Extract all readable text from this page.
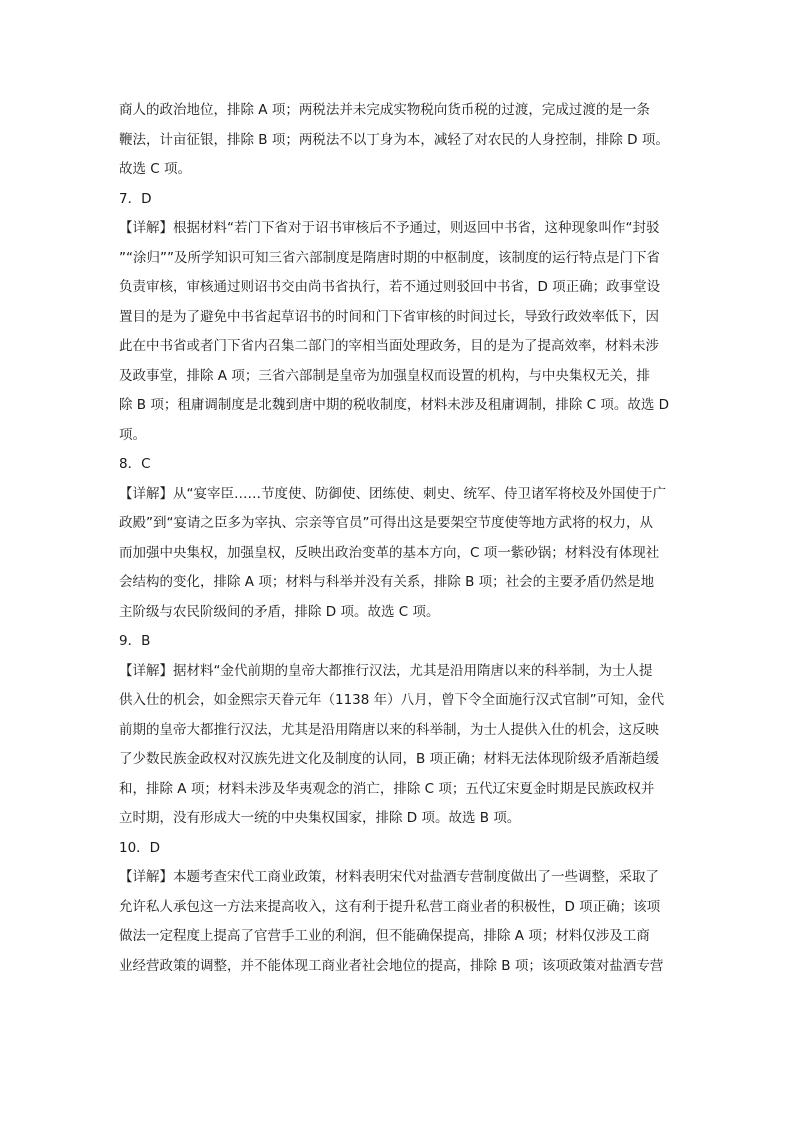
商人的政治地位，排除 A 项；两税法并未完成实物税向货币税的过渡，完成过渡的是一条
鞭法，计亩征银，排除 B 项；两税法不以丁身为本，减轻了对农民的人身控制，排除 D 项。
故选 C 项。
7．D
【详解】根据材料“若门下省对于诏书审核后不予通过，则返回中书省，这种现象叫作“封驳
”“涂归””及所学知识可知三省六部制度是隋唐时期的中枢制度，该制度的运行特点是门下省
负责审核，审核通过则诏书交由尚书省执行，若不通过则驳回中书省，D 项正确；政事堂设
置目的是为了避免中书省起草诏书的时间和门下省审核的时间过长，导致行政效率低下，因
此在中书省或者门下省内召集二部门的宰相当面处理政务，目的是为了提高效率，材料未涉
及政事堂，排除 A 项；三省六部制是皇帝为加强皇权而设置的机构，与中央集权无关，排
除 B 项；租庸调制度是北魏到唐中期的税收制度，材料未涉及租庸调制，排除 C 项。故选 D
项。
8．C
【详解】从“宴宰臣……节度使、防御使、团练使、刺史、统军、侍卫诸军将校及外国使于广
政殿”到“宴请之臣多为宰执、宗亲等官员”可得出这是要架空节度使等地方武将的权力，从
而加强中央集权，加强皇权，反映出政治变革的基本方向，C 项一紫砂锅；材料没有体现社
会结构的变化，排除 A 项；材料与科举并没有关系，排除 B 项；社会的主要矛盾仍然是地
主阶级与农民阶级间的矛盾，排除 D 项。故选 C 项。
9．B
【详解】据材料“金代前期的皇帝大都推行汉法，尤其是沿用隋唐以来的科举制，为士人提
供入仕的机会，如金熙宗天眷元年（1138 年）八月，曾下令全面施行汉式官制”可知，金代
前期的皇帝大都推行汉法，尤其是沿用隋唐以来的科举制，为士人提供入仕的机会，这反映
了少数民族金政权对汉族先进文化及制度的认同，B 项正确；材料无法体现阶级矛盾渐趋缓
和，排除 A 项；材料未涉及华夷观念的消亡，排除 C 项；五代辽宋夏金时期是民族政权并
立时期，没有形成大一统的中央集权国家，排除 D 项。故选 B 项。
10．D
【详解】本题考查宋代工商业政策，材料表明宋代对盐酒专营制度做出了一些调整，采取了
允许私人承包这一方法来提高收入，这有利于提升私营工商业者的积极性，D 项正确；该项
做法一定程度上提高了官营手工业的利润，但不能确保提高，排除 A 项；材料仅涉及工商
业经营政策的调整，并不能体现工商业者社会地位的提高，排除 B 项；该项政策对盐酒专营
